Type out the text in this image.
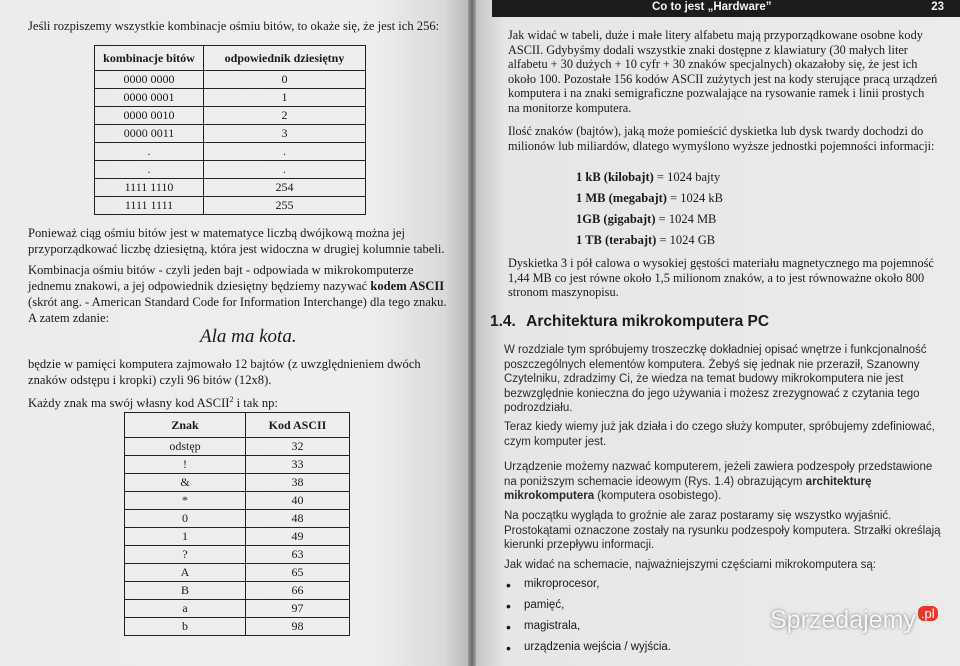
Jeśli rozpiszemy wszystkie kombinacje ośmiu bitów, to okaże się, że jest ich 256:

kombinacje bitów	odpowiednik dziesiętny
0000 0000	0
0000 0001	1
0000 0010	2
0000 0011	3
.	.
.	.
1111 1110	254
1111 1111	255

Ponieważ ciąg ośmiu bitów jest w matematyce liczbą dwójkową można jej przyporządkować liczbę dziesiętną, która jest widoczna w drugiej kolumnie tabeli.

Kombinacja ośmiu bitów - czyli jeden bajt - odpowiada w mikrokomputerze jednemu znakowi, a jej odpowiednik dziesiętny będziemy nazywać kodem ASCII (skrót ang. - American Standard Code for Information Interchange) dla tego znaku. A zatem zdanie:

Ala ma kota.

będzie w pamięci komputera zajmowało 12 bajtów (z uwzględnieniem dwóch znaków odstępu i kropki) czyli 96 bitów (12x8).

Każdy znak ma swój własny kod ASCII$^2$ i tak np:

Znak	Kod ASCII
odstęp	32
!	33
&	38
*	40
0	48
1	49
?	63
A	65
B	66
a	97
b	98
Co to jest „Hardware”	23

Jak widać w tabeli, duże i małe litery alfabetu mają przyporządkowane osobne kody ASCII. Gdybyśmy dodali wszystkie znaki dostępne z klawiatury (30 małych liter alfabetu + 30 dużych + 10 cyfr + 30 znaków specjalnych) okazałoby się, że jest ich około 100. Pozostałe 156 kodów ASCII zużytych jest na kody sterujące pracą urządzeń komputera i na znaki semigraficzne pozwalające na rysowanie ramek i linii prostych na monitorze komputera.

Ilość znaków (bajtów), jaką może pomieścić dyskietka lub dysk twardy dochodzi do milionów lub miliardów, dlatego wymyślono wyższe jednostki pojemności informacji:

1 kB (kilobajt) = 1024 bajty
1 MB (megabajt) = 1024 kB
1GB (gigabajt) = 1024 MB
1 TB (terabajt) = 1024 GB

Dyskietka 3 i pół calowa o wysokiej gęstości materiału magnetycznego ma pojemność 1,44 MB co jest równe około 1,5 milionom znaków, a to jest równoważne około 800 stronom maszynopisu.

1.4. Architektura mikrokomputera PC

W rozdziale tym spróbujemy troszeczkę dokładniej opisać wnętrze i funkcjonalność poszczególnych elementów komputera. Żebyś się jednak nie przeraził, Szanowny Czytelniku, zdradzimy Ci, że wiedza na temat budowy mikrokomputera nie jest bezwzględnie konieczna do jego używania i możesz zrezygnować z czytania tego podrozdziału.

Teraz kiedy wiemy już jak działa i do czego służy komputer, spróbujemy zdefiniować, czym komputer jest.

Urządzenie możemy nazwać komputerem, jeżeli zawiera podzespoły przedstawione na poniższym schemacie ideowym (Rys. 1.4) obrazującym architekturę mikrokomputera (komputera osobistego).

Na początku wygląda to groźnie ale zaraz postaramy się wszystko wyjaśnić. Prostokątami oznaczone zostały na rysunku podzespoły komputera. Strzałki określają kierunki przepływu informacji.

Jak widać na schemacie, najważniejszymi częściami mikrokomputera są:

• mikroprocesor,
• pamięć,
• magistrala,
• urządzenia wejścia / wyjścia.
Sprzedajemy .pl
